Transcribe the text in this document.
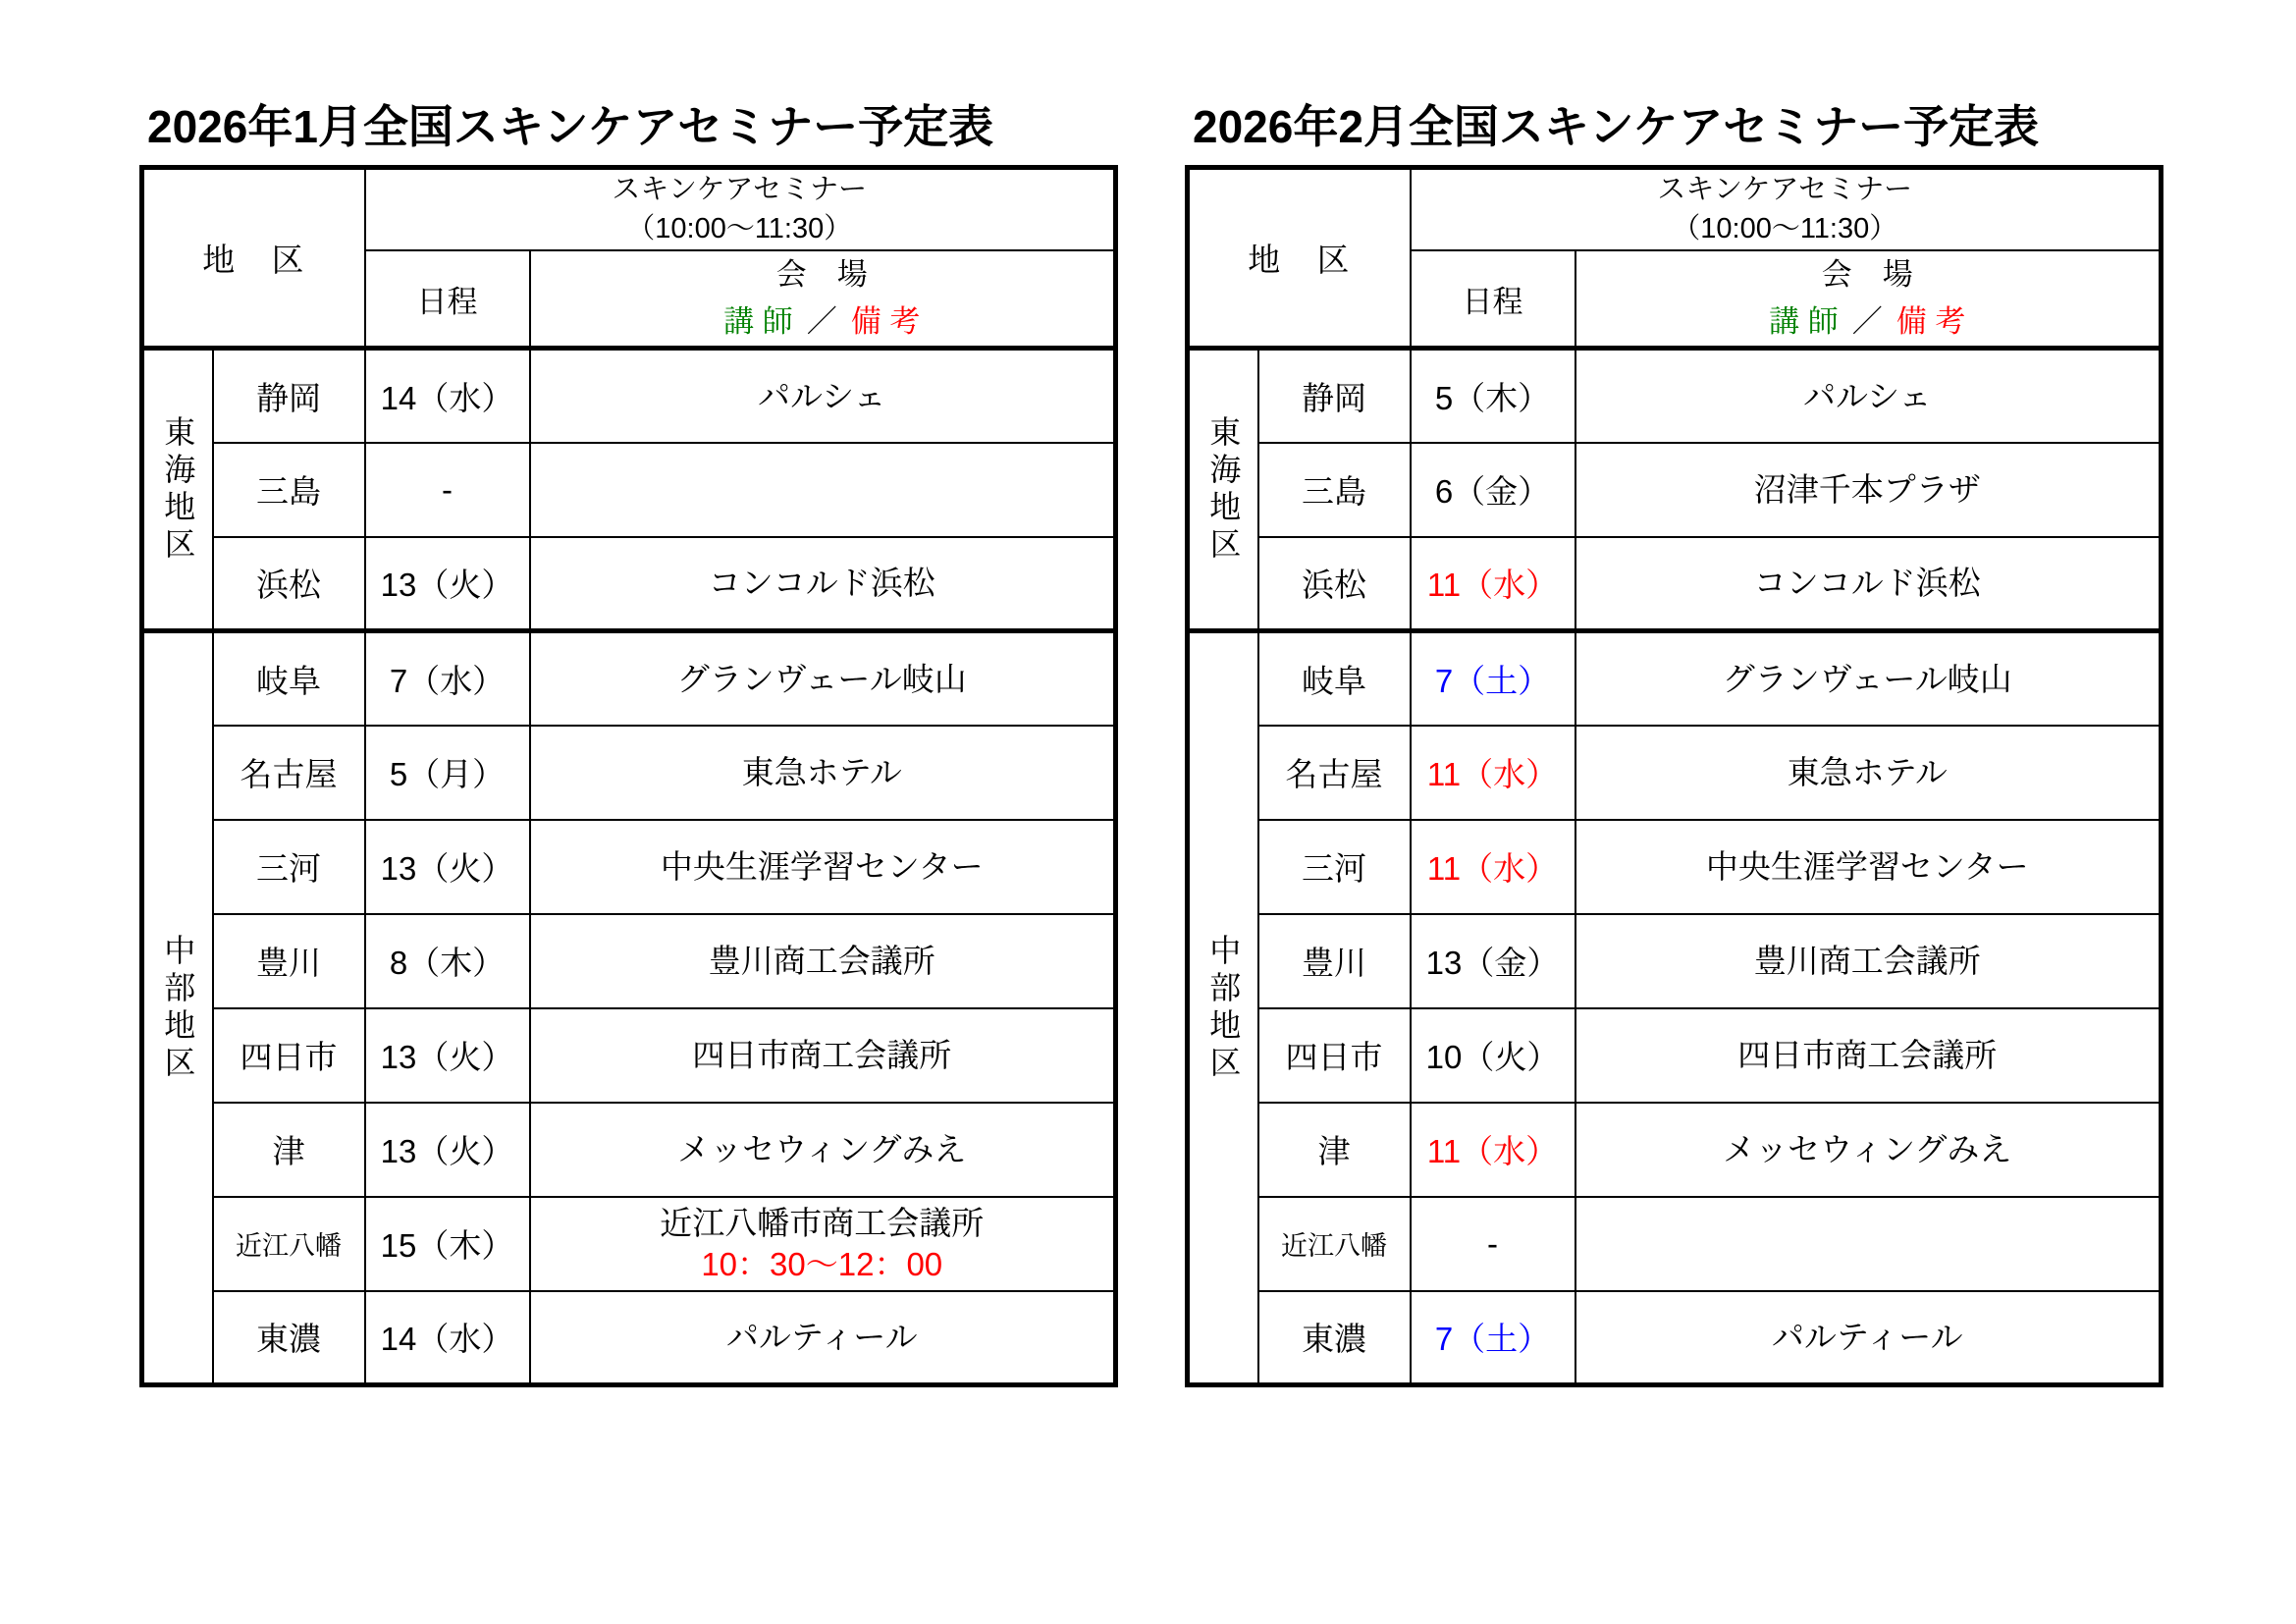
2026年1月全国スキンケアセミナー予定表
地　区		スキンケアセミナー
（10:00～11:30）	

		日程	会　場
講 師 ／ 備 考

東海地区	静岡	14（水）	パルシェ

	三島	-	

	浜松	13（火）	コンコルド浜松

中部地区	岐阜	7（水）	グランヴェール岐山

	名古屋	5（月）	東急ホテル

	三河	13（火）	中央生涯学習センター

	豊川	8（木）	豊川商工会議所

	四日市	13（火）	四日市商工会議所

	津	13（火）	メッセウィングみえ

	近江八幡	15（木）	近江八幡市商工会議所
10：30～12：00

	東濃	14（水）	パルティール
2026年2月全国スキンケアセミナー予定表
地　区		スキンケアセミナー
（10:00～11:30）	

		日程	会　場
講 師 ／ 備 考

東海地区	静岡	5（木）	パルシェ

	三島	6（金）	沼津千本プラザ

	浜松	11（水）	コンコルド浜松

中部地区	岐阜	7（土）	グランヴェール岐山

	名古屋	11（水）	東急ホテル

	三河	11（水）	中央生涯学習センター

	豊川	13（金）	豊川商工会議所

	四日市	10（火）	四日市商工会議所

	津	11（水）	メッセウィングみえ

	近江八幡	-	

	東濃	7（土）	パルティール
